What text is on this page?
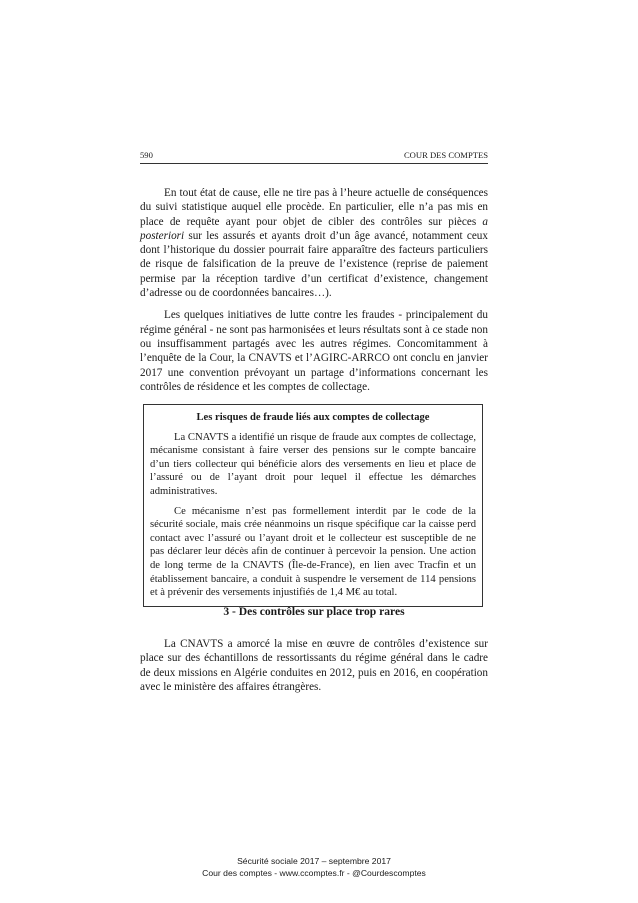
590	COUR DES COMPTES

En tout état de cause, elle ne tire pas à l’heure actuelle de conséquences du suivi statistique auquel elle procède. En particulier, elle n’a pas mis en place de requête ayant pour objet de cibler des contrôles sur pièces a posteriori sur les assurés et ayants droit d’un âge avancé, notamment ceux dont l’historique du dossier pourrait faire apparaître des facteurs particuliers de risque de falsification de la preuve de l’existence (reprise de paiement permise par la réception tardive d’un certificat d’existence, changement d’adresse ou de coordonnées bancaires…).

Les quelques initiatives de lutte contre les fraudes - principalement du régime général - ne sont pas harmonisées et leurs résultats sont à ce stade non ou insuffisamment partagés avec les autres régimes. Concomitamment à l’enquête de la Cour, la CNAVTS et l’AGIRC-ARRCO ont conclu en janvier 2017 une convention prévoyant un partage d’informations concernant les contrôles de résidence et les comptes de collectage.

Les risques de fraude liés aux comptes de collectage

La CNAVTS a identifié un risque de fraude aux comptes de collectage, mécanisme consistant à faire verser des pensions sur le compte bancaire d’un tiers collecteur qui bénéficie alors des versements en lieu et place de l’assuré ou de l’ayant droit pour lequel il effectue les démarches administratives.

Ce mécanisme n’est pas formellement interdit par le code de la sécurité sociale, mais crée néanmoins un risque spécifique car la caisse perd contact avec l’assuré ou l’ayant droit et le collecteur est susceptible de ne pas déclarer leur décès afin de continuer à percevoir la pension. Une action de long terme de la CNAVTS (Île-de-France), en lien avec Tracfin et un établissement bancaire, a conduit à suspendre le versement de 114 pensions et à prévenir des versements injustifiés de 1,4 M€ au total.

3 - Des contrôles sur place trop rares

La CNAVTS a amorcé la mise en œuvre de contrôles d’existence sur place sur des échantillons de ressortissants du régime général dans le cadre de deux missions en Algérie conduites en 2012, puis en 2016, en coopération avec le ministère des affaires étrangères.

Sécurité sociale 2017 – septembre 2017
Cour des comptes - www.ccomptes.fr - @Courdescomptes
